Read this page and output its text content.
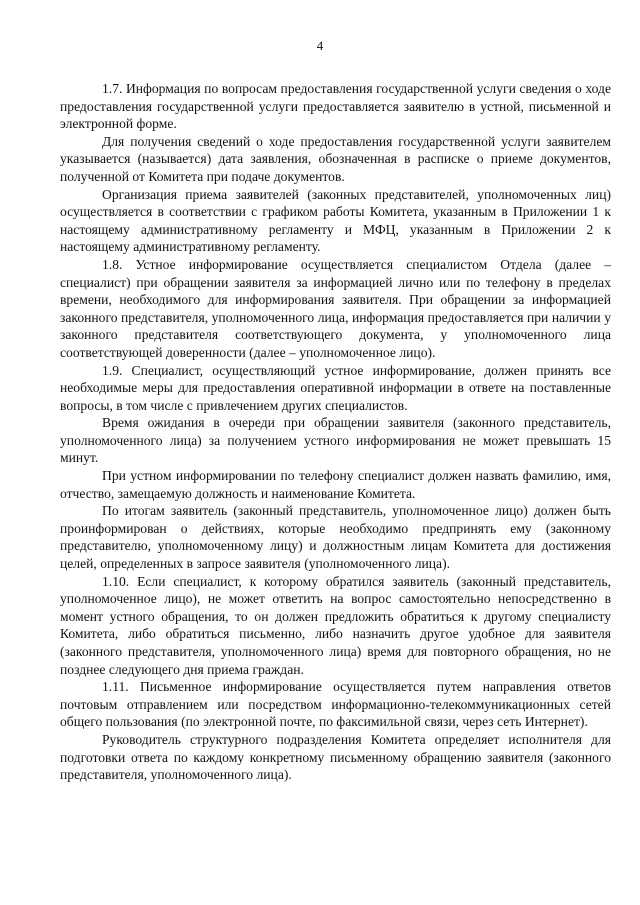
4

1.7. Информация по вопросам предоставления государственной услуги сведения о ходе предоставления государственной услуги предоставляется заявителю в устной, письменной и электронной форме.

Для получения сведений о ходе предоставления государственной услуги заявителем указывается (называется) дата заявления, обозначенная в расписке о приеме документов, полученной от Комитета при подаче документов.

Организация приема заявителей (законных представителей, уполномоченных лиц) осуществляется в соответствии с графиком работы Комитета, указанным в Приложении 1 к настоящему административному регламенту и МФЦ, указанным в Приложении 2 к настоящему административному регламенту.

1.8. Устное информирование осуществляется специалистом Отдела (далее – специалист) при обращении заявителя за информацией лично или по телефону в пределах времени, необходимого для информирования заявителя. При обращении за информацией законного представителя, уполномоченного лица, информация предоставляется при наличии у законного представителя соответствующего документа, у уполномоченного лица соответствующей доверенности (далее – уполномоченное лицо).

1.9. Специалист, осуществляющий устное информирование, должен принять все необходимые меры для предоставления оперативной информации в ответе на поставленные вопросы, в том числе с привлечением других специалистов.

Время ожидания в очереди при обращении заявителя (законного представитель, уполномоченного лица) за получением устного информирования не может превышать 15 минут.

При устном информировании по телефону специалист должен назвать фамилию, имя, отчество, замещаемую должность и наименование Комитета.

По итогам заявитель (законный представитель, уполномоченное лицо) должен быть проинформирован о действиях, которые необходимо предпринять ему (законному представителю, уполномоченному лицу) и должностным лицам Комитета для достижения целей, определенных в запросе заявителя (уполномоченного лица).

1.10. Если специалист, к которому обратился заявитель (законный представитель, уполномоченное лицо), не может ответить на вопрос самостоятельно непосредственно в момент устного обращения, то он должен предложить обратиться к другому специалисту Комитета, либо обратиться письменно, либо назначить другое удобное для заявителя (законного представителя, уполномоченного лица) время для повторного обращения, но не позднее следующего дня приема граждан.

1.11. Письменное информирование осуществляется путем направления ответов почтовым отправлением или посредством информационно-телекоммуникационных сетей общего пользования (по электронной почте, по факсимильной связи, через сеть Интернет).

Руководитель структурного подразделения Комитета определяет исполнителя для подготовки ответа по каждому конкретному письменному обращению заявителя (законного представителя, уполномоченного лица).
